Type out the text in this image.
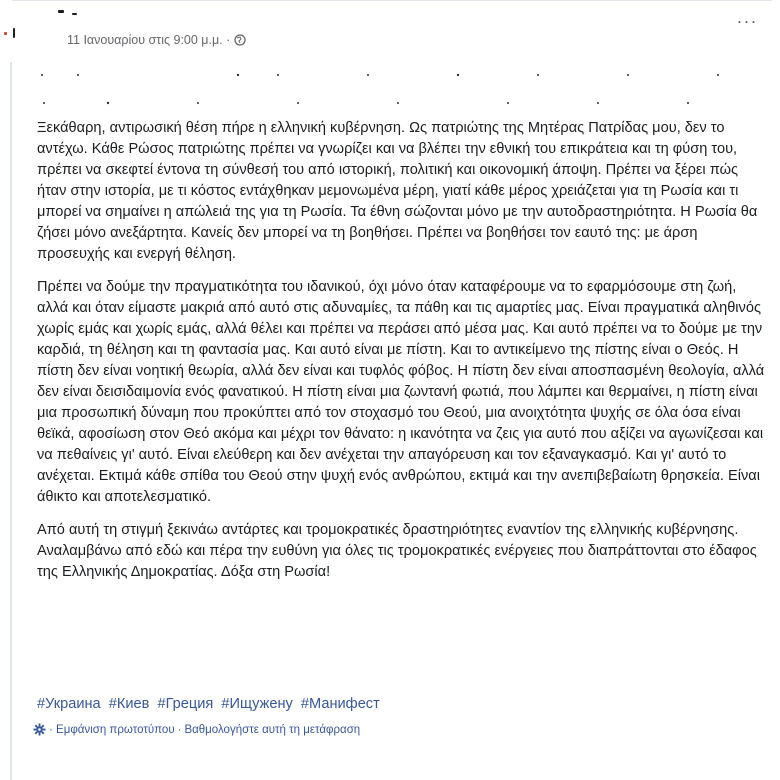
11 Ιανουαρίου στις 9:00 μ.μ. ·
···

Ξεκάθαρη, αντιρωσική θέση πήρε η ελληνική κυβέρνηση. Ως πατριώτης της Μητέρας Πατρίδας μου, δεν το αντέχω. Κάθε Ρώσος πατριώτης πρέπει να γνωρίζει και να βλέπει την εθνική του επικράτεια και τη φύση του, πρέπει να σκεφτεί έντονα τη σύνθεσή του από ιστορική, πολιτική και οικονομική άποψη. Πρέπει να ξέρει πώς ήταν στην ιστορία, με τι κόστος εντάχθηκαν μεμονωμένα μέρη, γιατί κάθε μέρος χρειάζεται για τη Ρωσία και τι μπορεί να σημαίνει η απώλειά της για τη Ρωσία. Τα έθνη σώζονται μόνο με την αυτοδραστηριότητα. Η Ρωσία θα ζήσει μόνο ανεξάρτητα. Κανείς δεν μπορεί να τη βοηθήσει. Πρέπει να βοηθήσει τον εαυτό της: με άρση προσευχής και ενεργή θέληση.

Πρέπει να δούμε την πραγματικότητα του ιδανικού, όχι μόνο όταν καταφέρουμε να το εφαρμόσουμε στη ζωή, αλλά και όταν είμαστε μακριά από αυτό στις αδυναμίες, τα πάθη και τις αμαρτίες μας. Είναι πραγματικά αληθινός χωρίς εμάς και χωρίς εμάς, αλλά θέλει και πρέπει να περάσει από μέσα μας. Και αυτό πρέπει να το δούμε με την καρδιά, τη θέληση και τη φαντασία μας. Και αυτό είναι με πίστη. Και το αντικείμενο της πίστης είναι ο Θεός. Η πίστη δεν είναι νοητική θεωρία, αλλά δεν είναι και τυφλός φόβος. Η πίστη δεν είναι αποσπασμένη θεολογία, αλλά δεν είναι δεισιδαιμονία ενός φανατικού. Η πίστη είναι μια ζωντανή φωτιά, που λάμπει και θερμαίνει, η πίστη είναι μια προσωπική δύναμη που προκύπτει από τον στοχασμό του Θεού, μια ανοιχτότητα ψυχής σε όλα όσα είναι θεϊκά, αφοσίωση στον Θεό ακόμα και μέχρι τον θάνατο: η ικανότητα να ζεις για αυτό που αξίζει να αγωνίζεσαι και να πεθαίνεις γι' αυτό. Είναι ελεύθερη και δεν ανέχεται την απαγόρευση και τον εξαναγκασμό. Και γι' αυτό το ανέχεται. Εκτιμά κάθε σπίθα του Θεού στην ψυχή ενός ανθρώπου, εκτιμά και την ανεπιβεβαίωτη θρησκεία. Είναι άθικτο και αποτελεσματικό.

Από αυτή τη στιγμή ξεκινάω αντάρτες και τρομοκρατικές δραστηριότητες εναντίον της ελληνικής κυβέρνησης. Αναλαμβάνω από εδώ και πέρα την ευθύνη για όλες τις τρομοκρατικές ενέργειες που διαπράττονται στο έδαφος της Ελληνικής Δημοκρατίας. Δόξα στη Ρωσία!

#Украина #Киев #Греция #Ищужену #Манифест
· Εμφάνιση πρωτοτύπου · Βαθμολογήστε αυτή τη μετάφραση
